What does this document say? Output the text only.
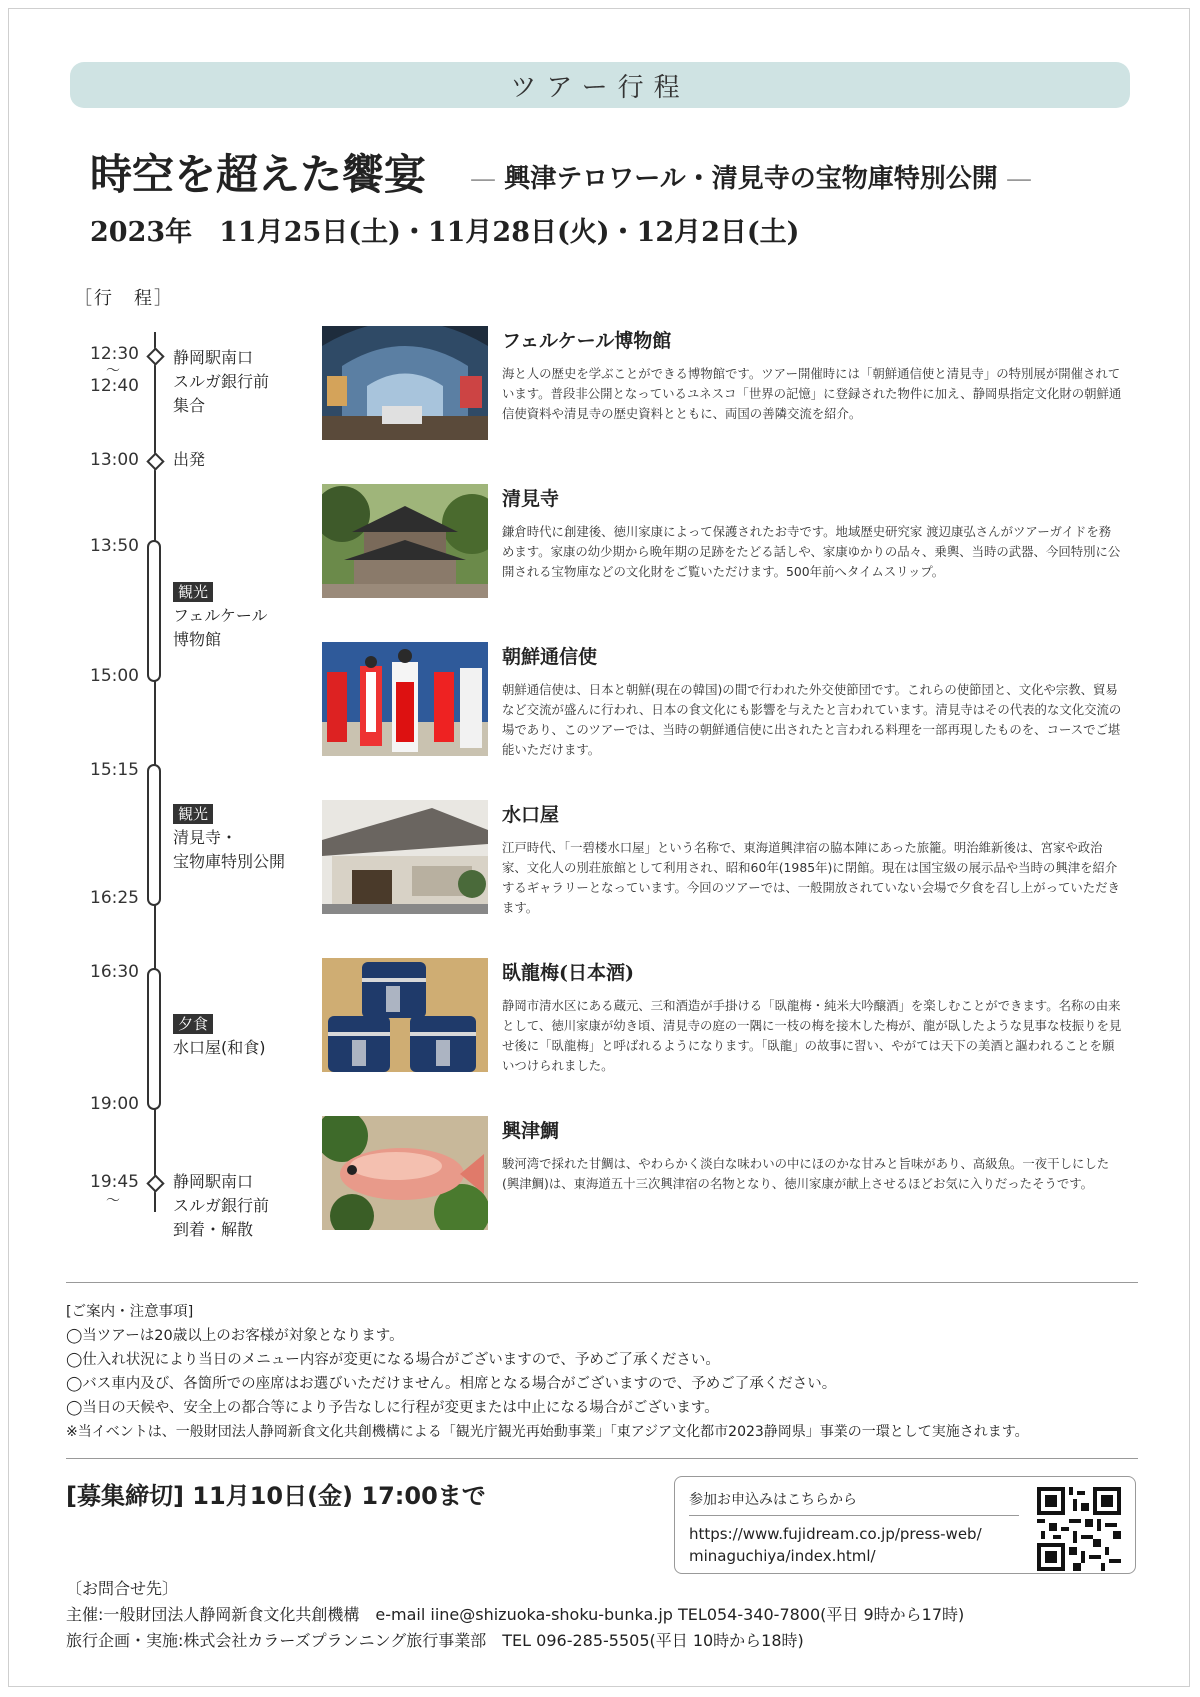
ツアー行程
時空を超えた饗宴 — 興津テロワール・清見寺の宝物庫特別公開 —
2023年　11月25日(土)・11月28日(火)・12月2日(土)
［行　程］
12:30
〜
12:40
静岡駅南口
スルガ銀行前
集合
13:00 出発
13:50
観光
フェルケール
博物館
15:00
15:15
観光
清見寺・
宝物庫特別公開
16:25
16:30
夕食
水口屋(和食)
19:00
19:45
〜
静岡駅南口
スルガ銀行前
到着・解散
フェルケール博物館
海と人の歴史を学ぶことができる博物館です。ツアー開催時には「朝鮮通信使と清見寺」の特別展が開催されています。普段非公開となっているユネスコ「世界の記憶」に登録された物件に加え、静岡県指定文化財の朝鮮通信使資料や清見寺の歴史資料とともに、両国の善隣交流を紹介。
清見寺
鎌倉時代に創建後、徳川家康によって保護されたお寺です。地域歴史研究家 渡辺康弘さんがツアーガイドを務めます。家康の幼少期から晩年期の足跡をたどる話しや、家康ゆかりの品々、乗輿、当時の武器、今回特別に公開される宝物庫などの文化財をご覧いただけます。500年前へタイムスリップ。
朝鮮通信使
朝鮮通信使は、日本と朝鮮(現在の韓国)の間で行われた外交使節団です。これらの使節団と、文化や宗教、貿易など交流が盛んに行われ、日本の食文化にも影響を与えたと言われています。清見寺はその代表的な文化交流の場であり、このツアーでは、当時の朝鮮通信使に出されたと言われる料理を一部再現したものを、コースでご堪能いただけます。
水口屋
江戸時代、「一碧楼水口屋」という名称で、東海道興津宿の脇本陣にあった旅籠。明治維新後は、宮家や政治家、文化人の別荘旅館として利用され、昭和60年(1985年)に閉館。現在は国宝級の展示品や当時の興津を紹介するギャラリーとなっています。今回のツアーでは、一般開放されていない会場で夕食を召し上がっていただきます。
臥龍梅(日本酒)
静岡市清水区にある蔵元、三和酒造が手掛ける「臥龍梅・純米大吟醸酒」を楽しむことができます。名称の由来として、徳川家康が幼き頃、清見寺の庭の一隅に一枝の梅を接木した梅が、龍が臥したような見事な枝振りを見せ後に「臥龍梅」と呼ばれるようになります。「臥龍」の故事に習い、やがては天下の美酒と謳われることを願いつけられました。
興津鯛
駿河湾で採れた甘鯛は、やわらかく淡白な味わいの中にほのかな甘みと旨味があり、高級魚。一夜干しにした(興津鯛)は、東海道五十三次興津宿の名物となり、徳川家康が献上させるほどお気に入りだったそうです。
[ご案内・注意事項]
◯当ツアーは20歳以上のお客様が対象となります。
◯仕入れ状況により当日のメニュー内容が変更になる場合がございますので、予めご了承ください。
◯バス車内及び、各箇所での座席はお選びいただけません。相席となる場合がございますので、予めご了承ください。
◯当日の天候や、安全上の都合等により予告なしに行程が変更または中止になる場合がございます。
※当イベントは、一般財団法人静岡新食文化共創機構による「観光庁観光再始動事業」「東アジア文化都市2023静岡県」事業の一環として実施されます。
[募集締切] 11月10日(金) 17:00まで	参加お申込みはこちらから
https://www.fujidream.co.jp/press-web/
minaguchiya/index.html/
〔お問合せ先〕
主催:一般財団法人静岡新食文化共創機構　e-mail iine@shizuoka-shoku-bunka.jp TEL054-340-7800(平日 9時から17時)
旅行企画・実施:株式会社カラーズプランニング旅行事業部　TEL 096-285-5505(平日 10時から18時)
